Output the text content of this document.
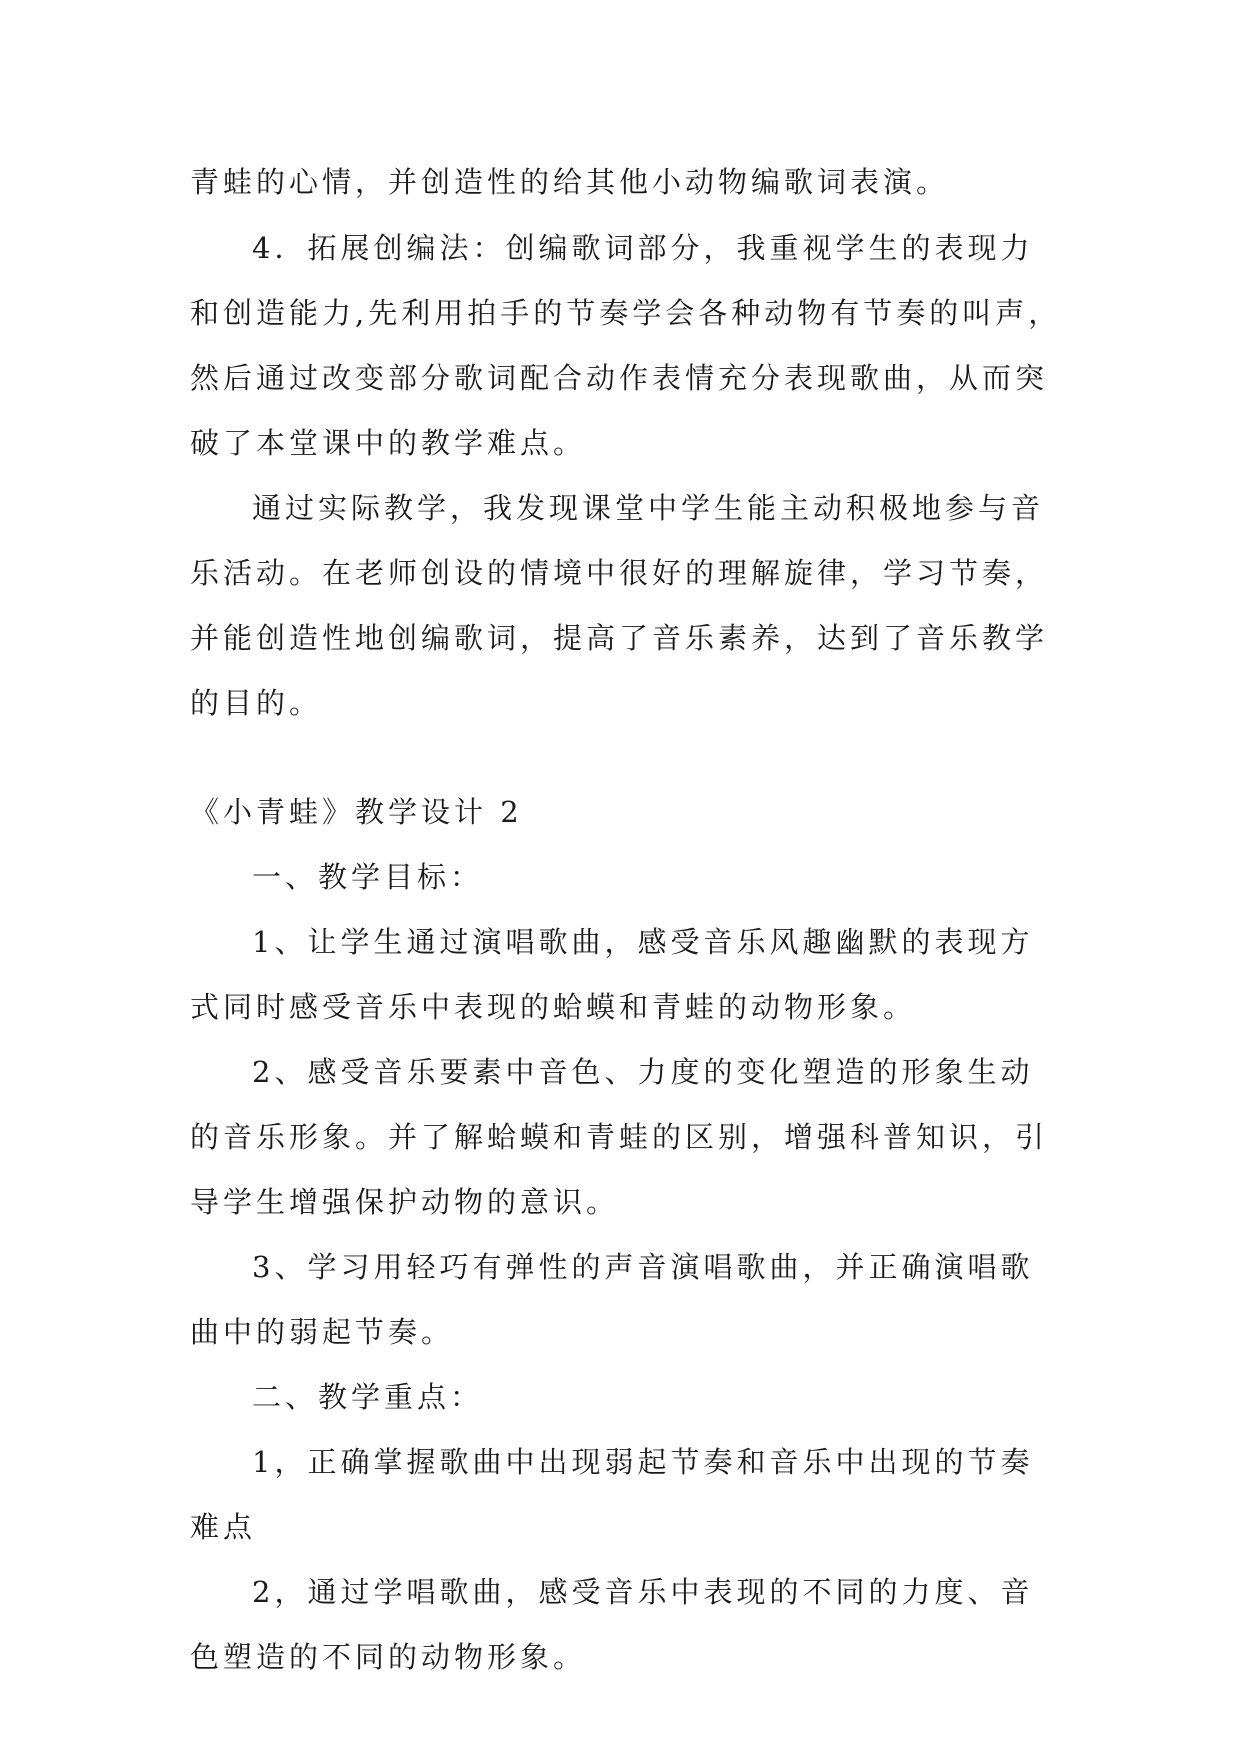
青蛙的心情，并创造性的给其他小动物编歌词表演。
4．拓展创编法：创编歌词部分，我重视学生的表现力
和创造能力,先利用拍手的节奏学会各种动物有节奏的叫声，
然后通过改变部分歌词配合动作表情充分表现歌曲，从而突
破了本堂课中的教学难点。
通过实际教学，我发现课堂中学生能主动积极地参与音
乐活动。在老师创设的情境中很好的理解旋律，学习节奏，
并能创造性地创编歌词，提高了音乐素养，达到了音乐教学
的目的。
《小青蛙》教学设计 2
一、教学目标：
1、让学生通过演唱歌曲，感受音乐风趣幽默的表现方
式同时感受音乐中表现的蛤蟆和青蛙的动物形象。
2、感受音乐要素中音色、力度的变化塑造的形象生动
的音乐形象。并了解蛤蟆和青蛙的区别，增强科普知识，引
导学生增强保护动物的意识。
3、学习用轻巧有弹性的声音演唱歌曲，并正确演唱歌
曲中的弱起节奏。
二、教学重点：
1，正确掌握歌曲中出现弱起节奏和音乐中出现的节奏
难点
2，通过学唱歌曲，感受音乐中表现的不同的力度、音
色塑造的不同的动物形象。
